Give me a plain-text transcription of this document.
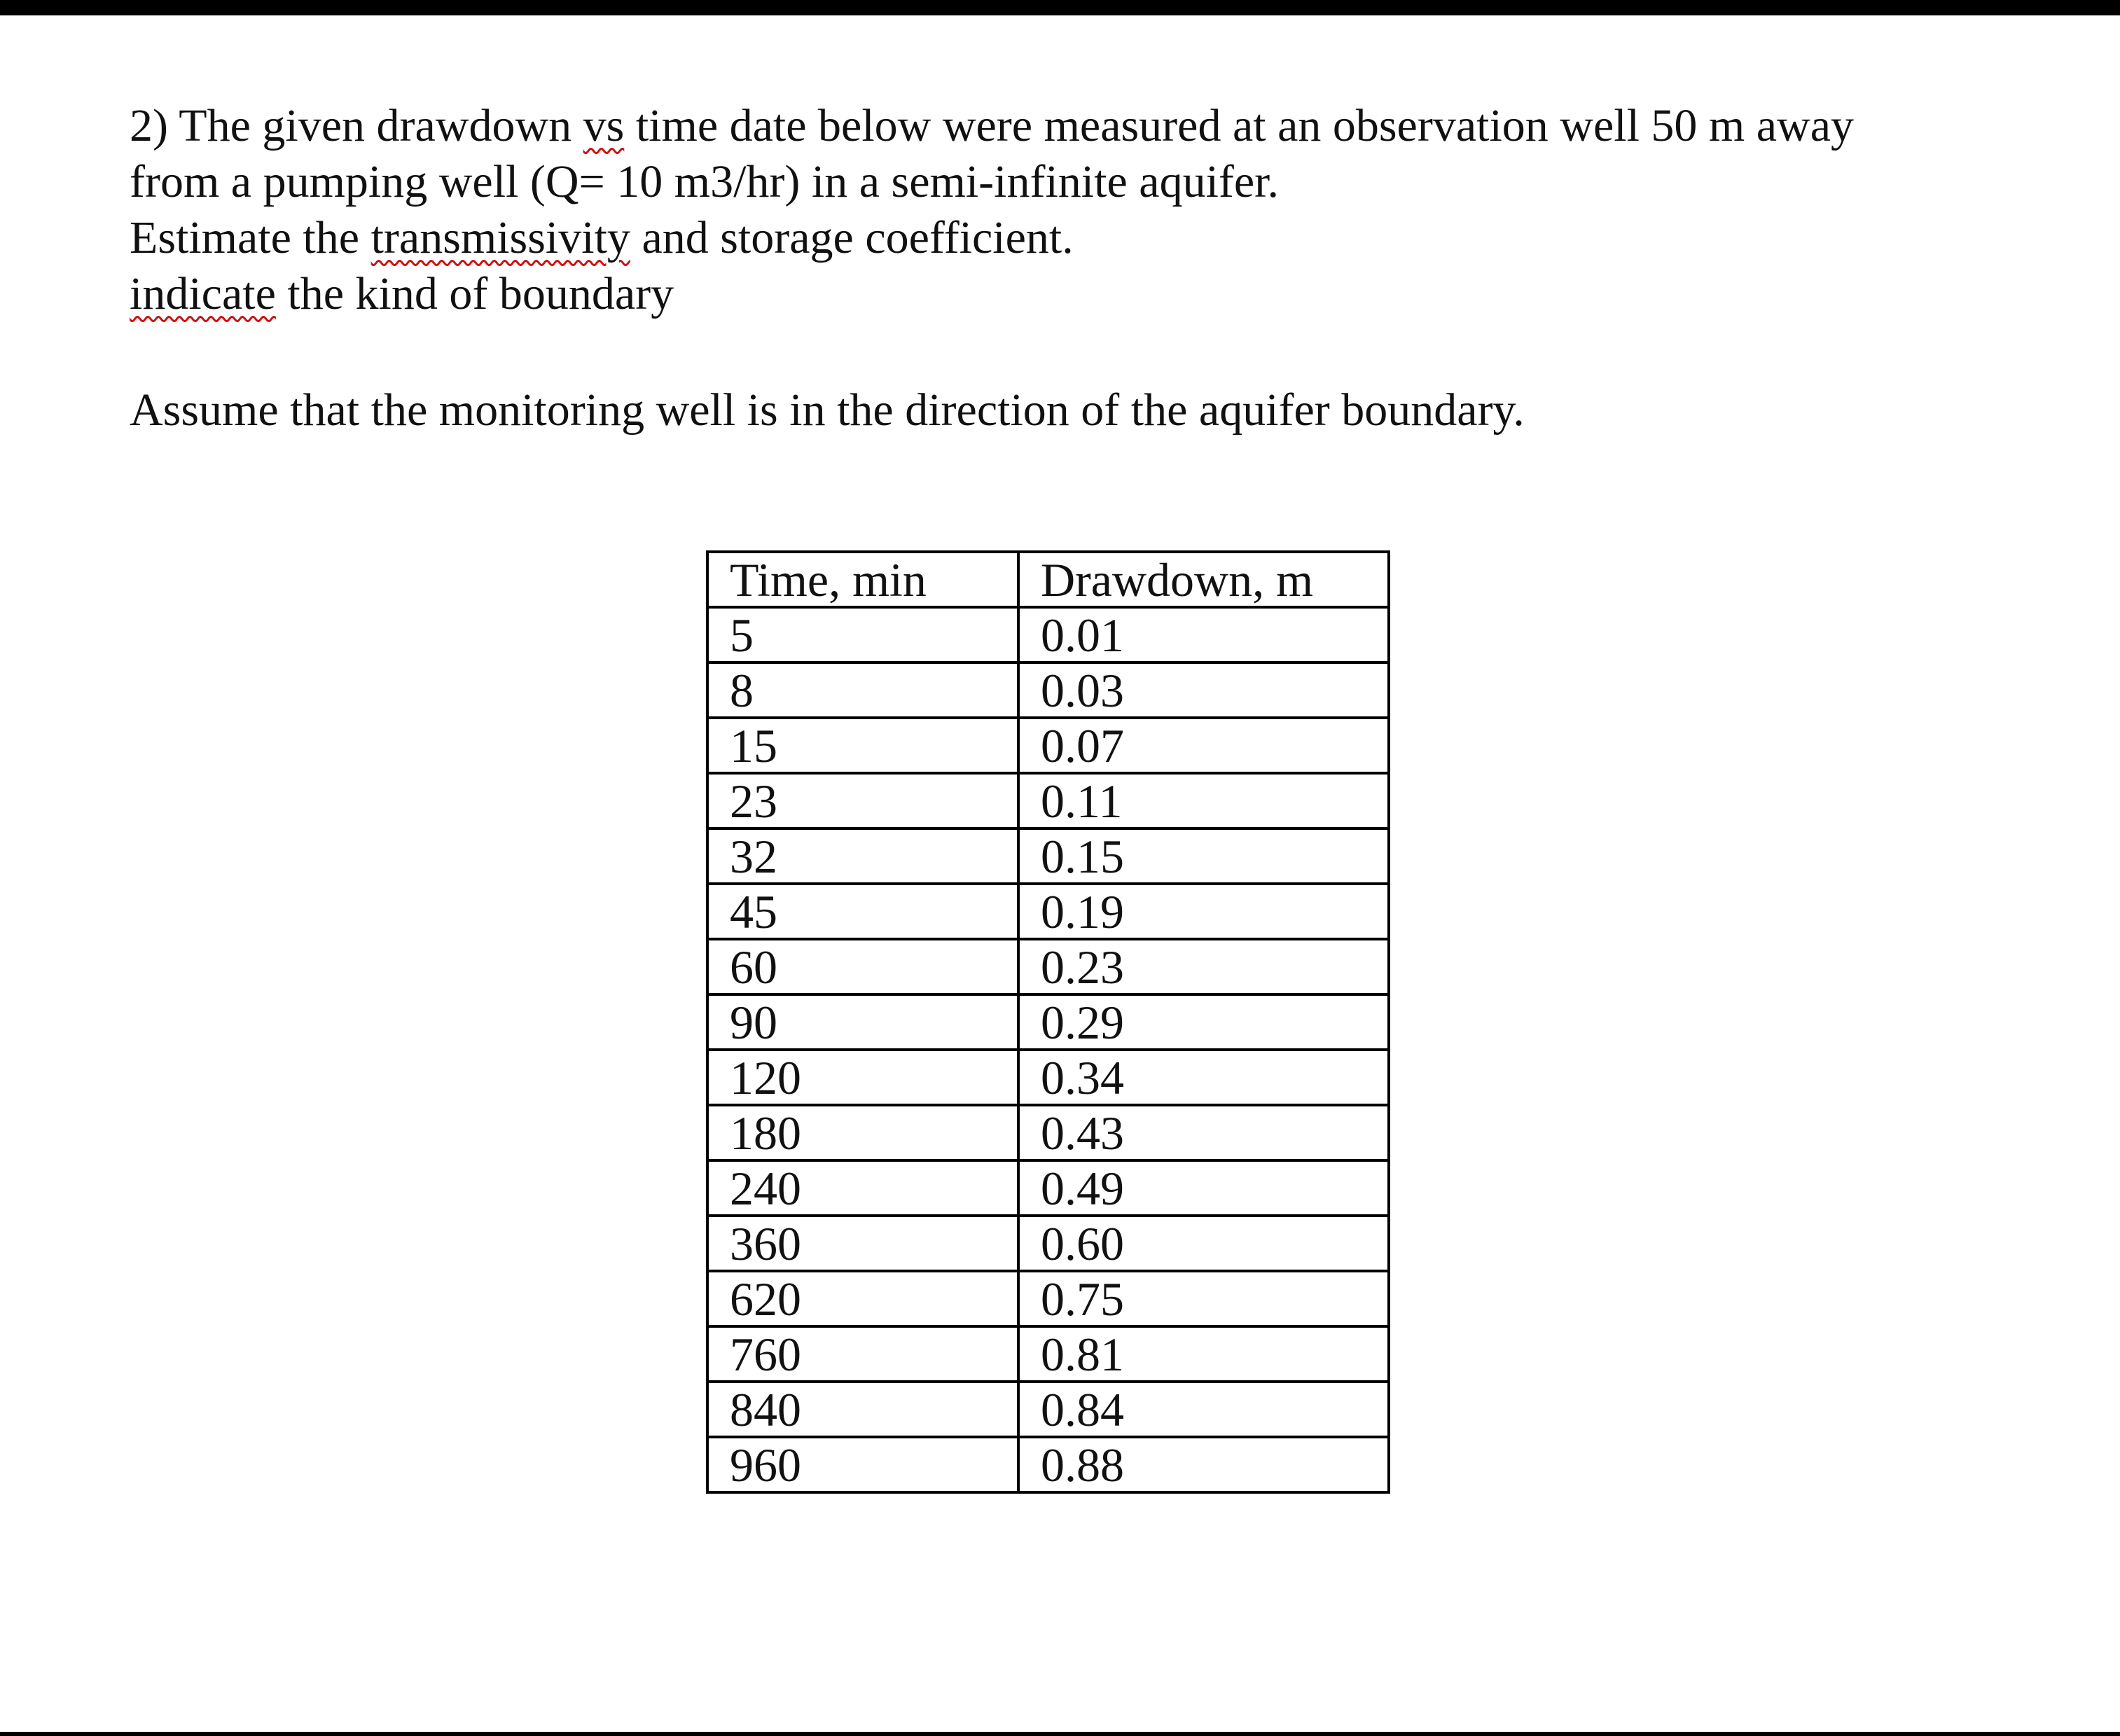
2) The given drawdown vs time date below were measured at an observation well 50 m away

from a pumping well (Q= 10 m3/hr) in a semi-infinite aquifer.

Estimate the transmissivity and storage coefficient.

indicate the kind of boundary

Assume that the monitoring well is in the direction of the aquifer boundary.

Time, min	Drawdown, m
5	0.01
8	0.03
15	0.07
23	0.11
32	0.15
45	0.19
60	0.23
90	0.29
120	0.34
180	0.43
240	0.49
360	0.60
620	0.75
760	0.81
840	0.84
960	0.88
